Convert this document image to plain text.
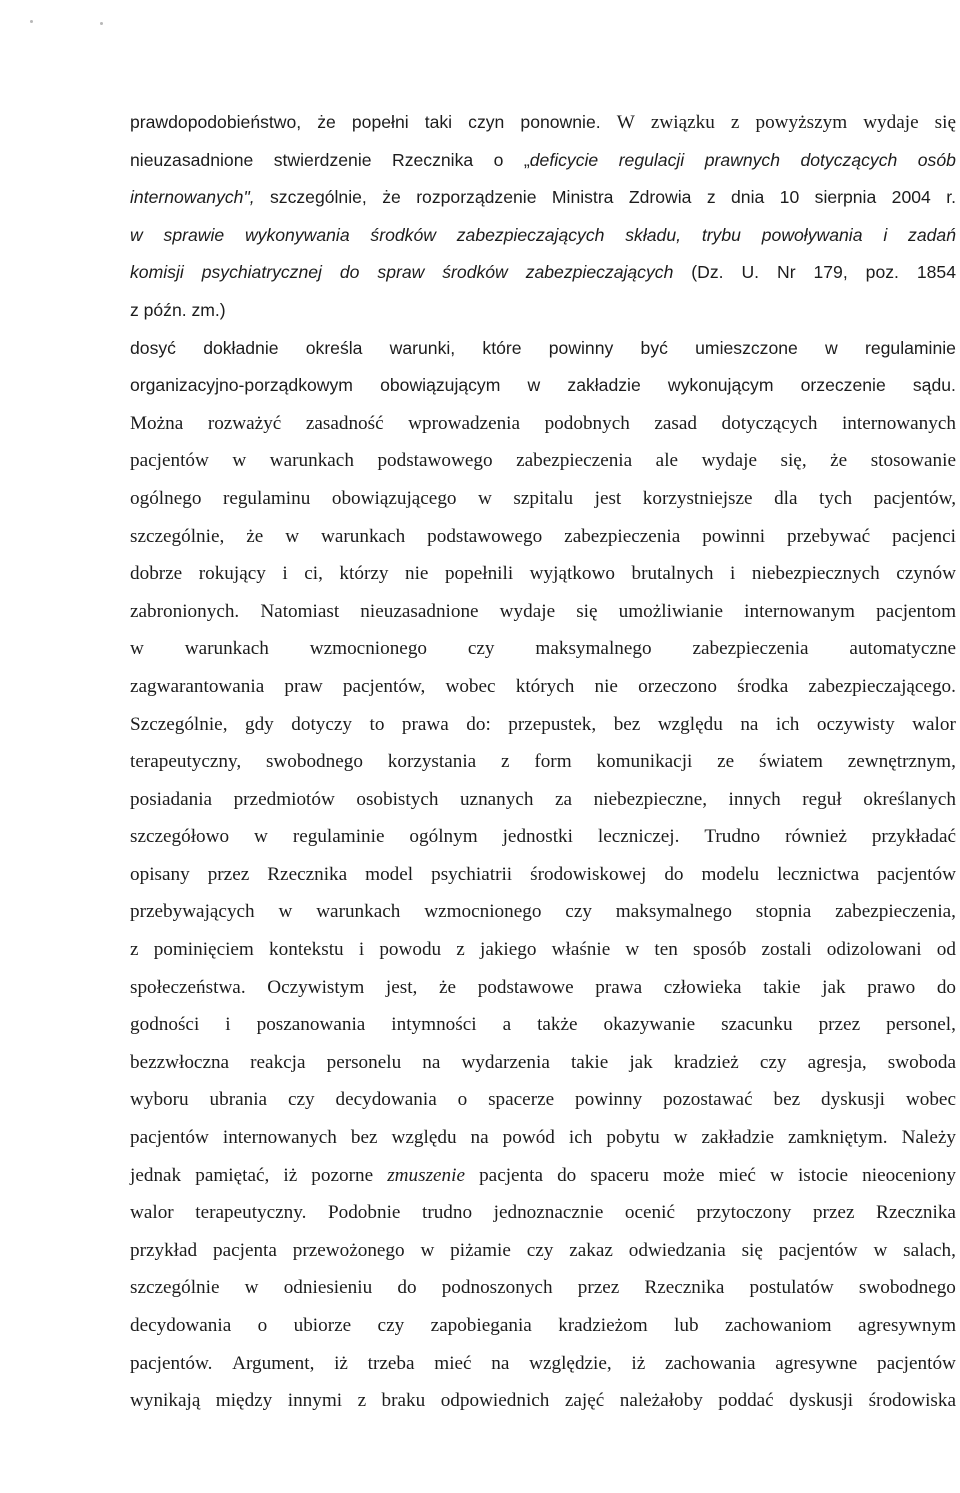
prawdopodobieństwo, że popełni taki czyn ponownie. W związku z powyższym wydaje się
nieuzasadnione stwierdzenie Rzecznika o „deficycie regulacji prawnych dotyczących osób
internowanych", szczególnie, że rozporządzenie Ministra Zdrowia z dnia 10 sierpnia 2004 r.
w sprawie wykonywania środków zabezpieczających składu, trybu powoływania i zadań
komisji psychiatrycznej do spraw środków zabezpieczających (Dz. U. Nr 179, poz. 1854
z późn. zm.)
dosyć dokładnie określa warunki, które powinny być umieszczone w regulaminie
organizacyjno-porządkowym obowiązującym w zakładzie wykonującym orzeczenie sądu.
Można rozważyć zasadność wprowadzenia podobnych zasad dotyczących internowanych
pacjentów w warunkach podstawowego zabezpieczenia ale wydaje się, że stosowanie
ogólnego regulaminu obowiązującego w szpitalu jest korzystniejsze dla tych pacjentów,
szczególnie, że w warunkach podstawowego zabezpieczenia powinni przebywać pacjenci
dobrze rokujący i ci, którzy nie popełnili wyjątkowo brutalnych i niebezpiecznych czynów
zabronionych. Natomiast nieuzasadnione wydaje się umożliwianie internowanym pacjentom
w warunkach wzmocnionego czy maksymalnego zabezpieczenia automatyczne
zagwarantowania praw pacjentów, wobec których nie orzeczono środka zabezpieczającego.
Szczególnie, gdy dotyczy to prawa do: przepustek, bez względu na ich oczywisty walor
terapeutyczny, swobodnego korzystania z form komunikacji ze światem zewnętrznym,
posiadania przedmiotów osobistych uznanych za niebezpieczne, innych reguł określanych
szczegółowo w regulaminie ogólnym jednostki leczniczej. Trudno również przykładać
opisany przez Rzecznika model psychiatrii środowiskowej do modelu lecznictwa pacjentów
przebywających w warunkach wzmocnionego czy maksymalnego stopnia zabezpieczenia,
z pominięciem kontekstu i powodu z jakiego właśnie w ten sposób zostali odizolowani od
społeczeństwa. Oczywistym jest, że podstawowe prawa człowieka takie jak prawo do
godności i poszanowania intymności a także okazywanie szacunku przez personel,
bezzwłoczna reakcja personelu na wydarzenia takie jak kradzież czy agresja, swoboda
wyboru ubrania czy decydowania o spacerze powinny pozostawać bez dyskusji wobec
pacjentów internowanych bez względu na powód ich pobytu w zakładzie zamkniętym. Należy
jednak pamiętać, iż pozorne zmuszenie pacjenta do spaceru może mieć w istocie nieoceniony
walor terapeutyczny. Podobnie trudno jednoznacznie ocenić przytoczony przez Rzecznika
przykład pacjenta przewożonego w piżamie czy zakaz odwiedzania się pacjentów w salach,
szczególnie w odniesieniu do podnoszonych przez Rzecznika postulatów swobodnego
decydowania o ubiorze czy zapobiegania kradzieżom lub zachowaniom agresywnym
pacjentów. Argument, iż trzeba mieć na względzie, iż zachowania agresywne pacjentów
wynikają między innymi z braku odpowiednich zajęć należałoby poddać dyskusji środowiska
